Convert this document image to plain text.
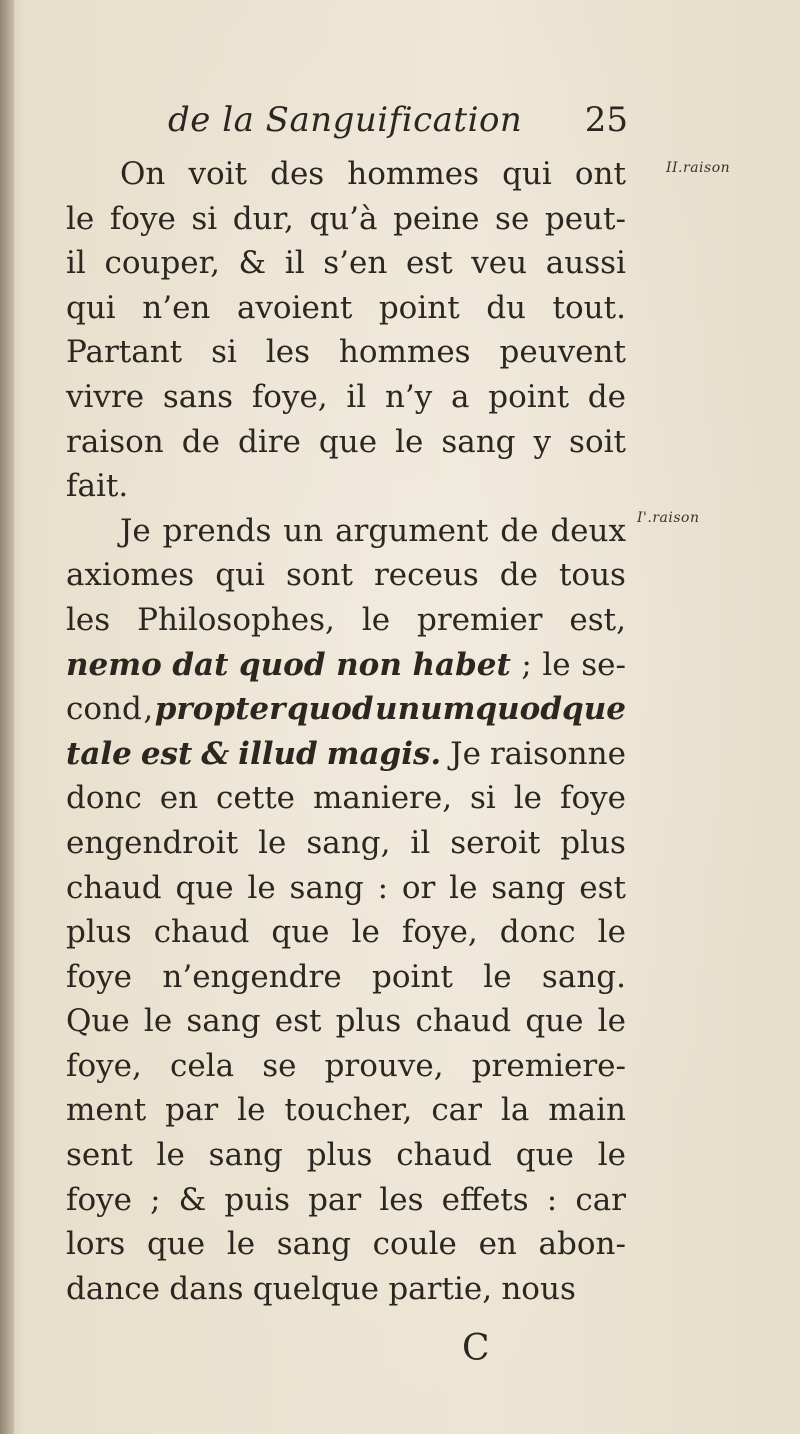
de la Sanguification 25
II.raison
I'.raison
On voit des hommes qui ont
le foye si dur, qu’à peine se peut-
il couper, & il s’en est veu aussi
qui n’en avoient point du tout.
Partant si les hommes peuvent
vivre sans foye, il n’y a point de
raison de dire que le sang y soit
fait.
Je prends un argument de deux
axiomes qui sont receus de tous
les Philosophes, le premier est,
nemo dat quod non habet ; le se-
cond , propter quod unumquodque
tale est & illud magis. Je raisonne
donc en cette maniere, si le foye
engendroit le sang, il seroit plus
chaud que le sang : or le sang est
plus chaud que le foye, donc le
foye n’engendre point le sang.
Que le sang est plus chaud que le
foye, cela se prouve, premiere-
ment par le toucher, car la main
sent le sang plus chaud que le
foye ; & puis par les effets : car
lors que le sang coule en abon-
dance dans quelque partie, nous
C
